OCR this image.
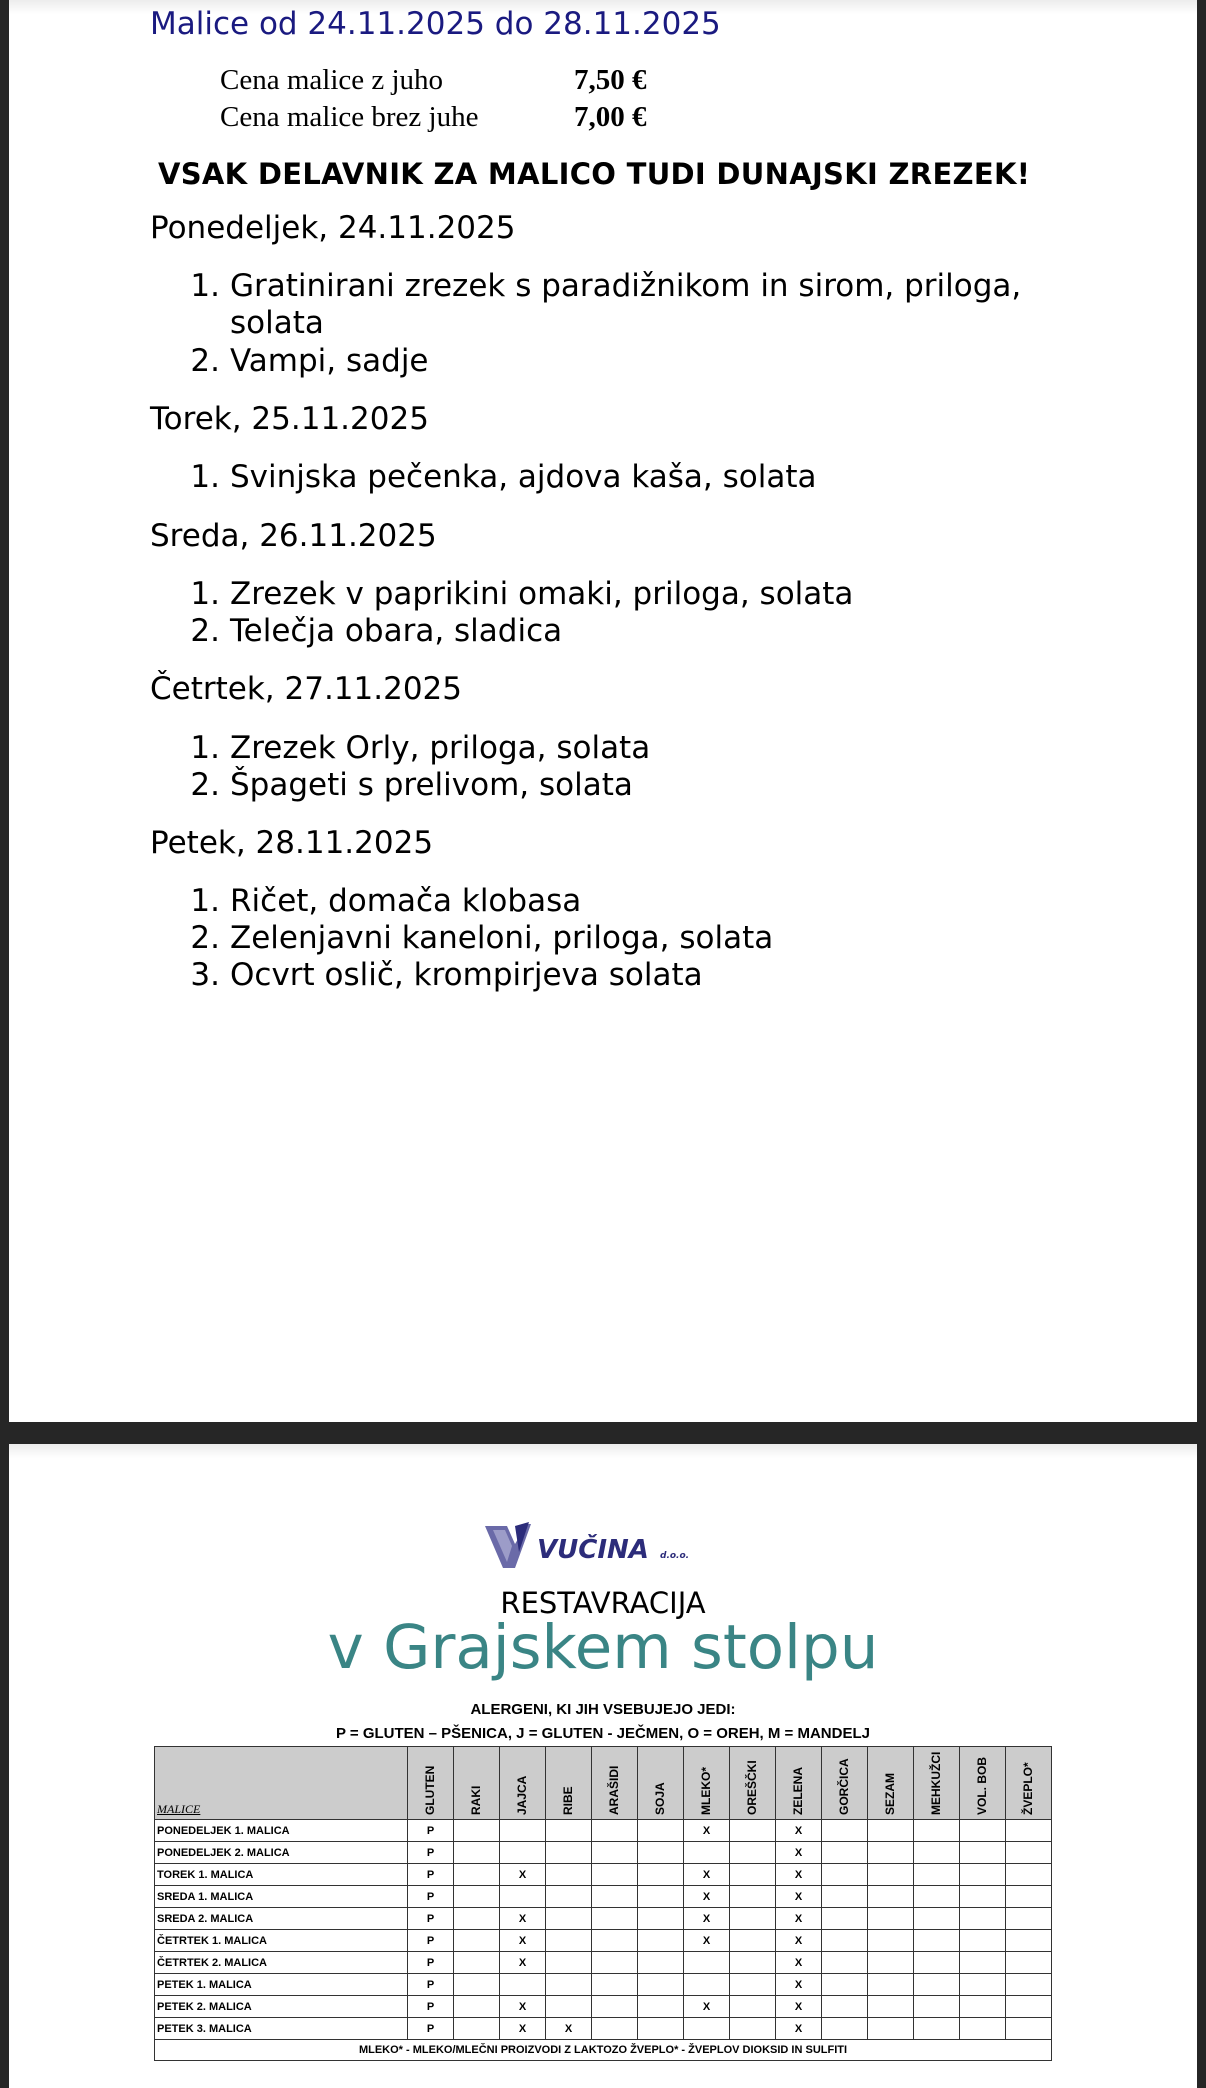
Malice od 24.11.2025 do 28.11.2025
Cena malice z juho	7,50 €
Cena malice brez juhe	7,00 €
VSAK DELAVNIK ZA MALICO TUDI DUNAJSKI ZREZEK!
Ponedeljek, 24.11.2025
1. Gratinirani zrezek s paradižnikom in sirom, priloga, solata
2. Vampi, sadje
Torek, 25.11.2025
1. Svinjska pečenka, ajdova kaša, solata
Sreda, 26.11.2025
1. Zrezek v paprikini omaki, priloga, solata
2. Telečja obara, sladica
Četrtek, 27.11.2025
1. Zrezek Orly, priloga, solata
2. Špageti s prelivom, solata
Petek, 28.11.2025
1. Ričet, domača klobasa
2. Zelenjavni kaneloni, priloga, solata
3. Ocvrt oslič, krompirjeva solata
VUČINA d.o.o.
RESTAVRACIJA
v Grajskem stolpu
ALERGENI, KI JIH VSEBUJEJO JEDI:
P = GLUTEN – PŠENICA, J = GLUTEN - JEČMEN, O = OREH, M = MANDELJ
MALICE	GLUTEN	RAKI	JAJCA	RIBE	ARAŠIDI	SOJA	MLEKO*	OREŠČKI	ZELENA	GORČICA	SEZAM	MEHKUŽCI	VOL. BOB	ŽVEPLO*

PONEDELJEK 1. MALICA	P						X		X					
PONEDELJEK 2. MALICA	P								X					
TOREK 1. MALICA	P		X				X		X					
SREDA 1. MALICA	P						X		X					
SREDA 2. MALICA	P		X				X		X					
ČETRTEK 1. MALICA	P		X				X		X					
ČETRTEK 2. MALICA	P		X						X					
PETEK 1. MALICA	P								X					
PETEK 2. MALICA	P		X				X		X					
PETEK 3. MALICA	P		X	X					X					
MLEKO* - MLEKO/MLEČNI PROIZVODI Z LAKTOZO ŽVEPLO* - ŽVEPLOV DIOKSID IN SULFITI														
